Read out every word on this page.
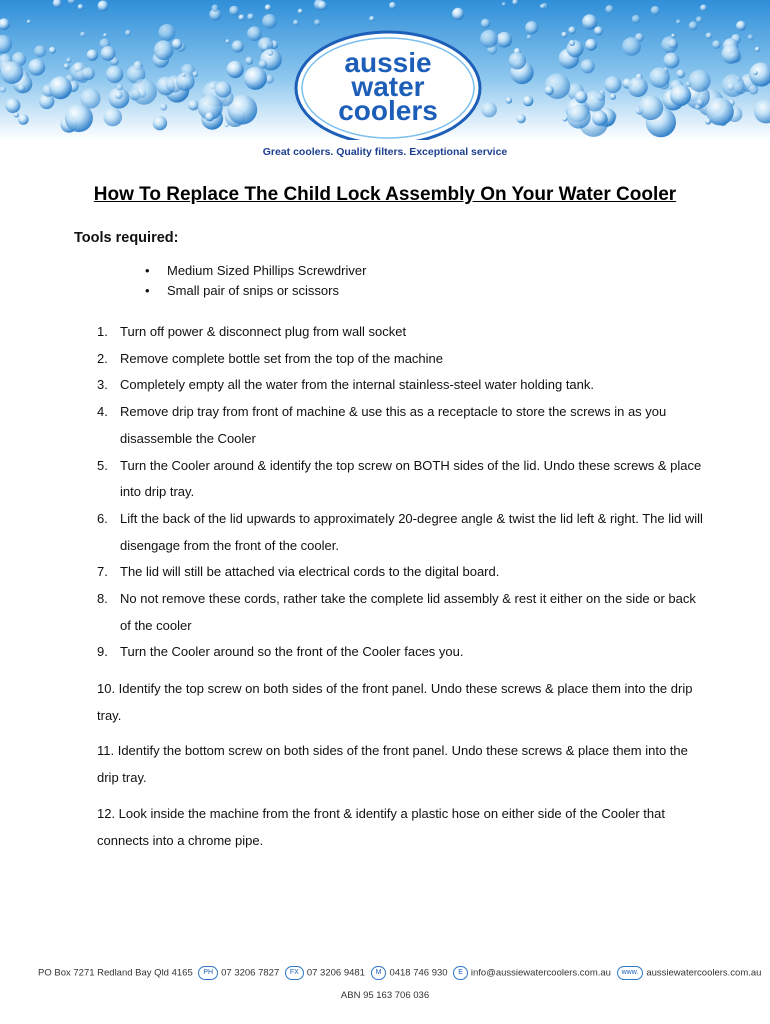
aussie
water
coolers
Great coolers. Quality filters. Exceptional service
How To Replace The Child Lock Assembly On Your Water Cooler
Tools required:
• Medium Sized Phillips Screwdriver
• Small pair of snips or scissors
1. Turn off power & disconnect plug from wall socket
2. Remove complete bottle set from the top of the machine
3. Completely empty all the water from the internal stainless-steel water holding tank.
4. Remove drip tray from front of machine & use this as a receptacle to store the screws in as you disassemble the Cooler
5. Turn the Cooler around & identify the top screw on BOTH sides of the lid. Undo these screws & place into drip tray.
6. Lift the back of the lid upwards to approximately 20-degree angle & twist the lid left & right. The lid will disengage from the front of the cooler.
7. The lid will still be attached via electrical cords to the digital board.
8. No not remove these cords, rather take the complete lid assembly & rest it either on the side or back of the cooler
9. Turn the Cooler around so the front of the Cooler faces you.

10. Identify the top screw on both sides of the front panel. Undo these screws & place them into the drip tray.

11. Identify the bottom screw on both sides of the front panel. Undo these screws & place them into the drip tray.

12. Look inside the machine from the front & identify a plastic hose on either side of the Cooler that connects into a chrome pipe.

PO Box 7271 Redland Bay Qld 4165 PH 07 3206 7827 FX 07 3206 9481 M 0418 746 930 E info@aussiewatercoolers.com.au www. aussiewatercoolers.com.au
ABN 95 163 706 036
